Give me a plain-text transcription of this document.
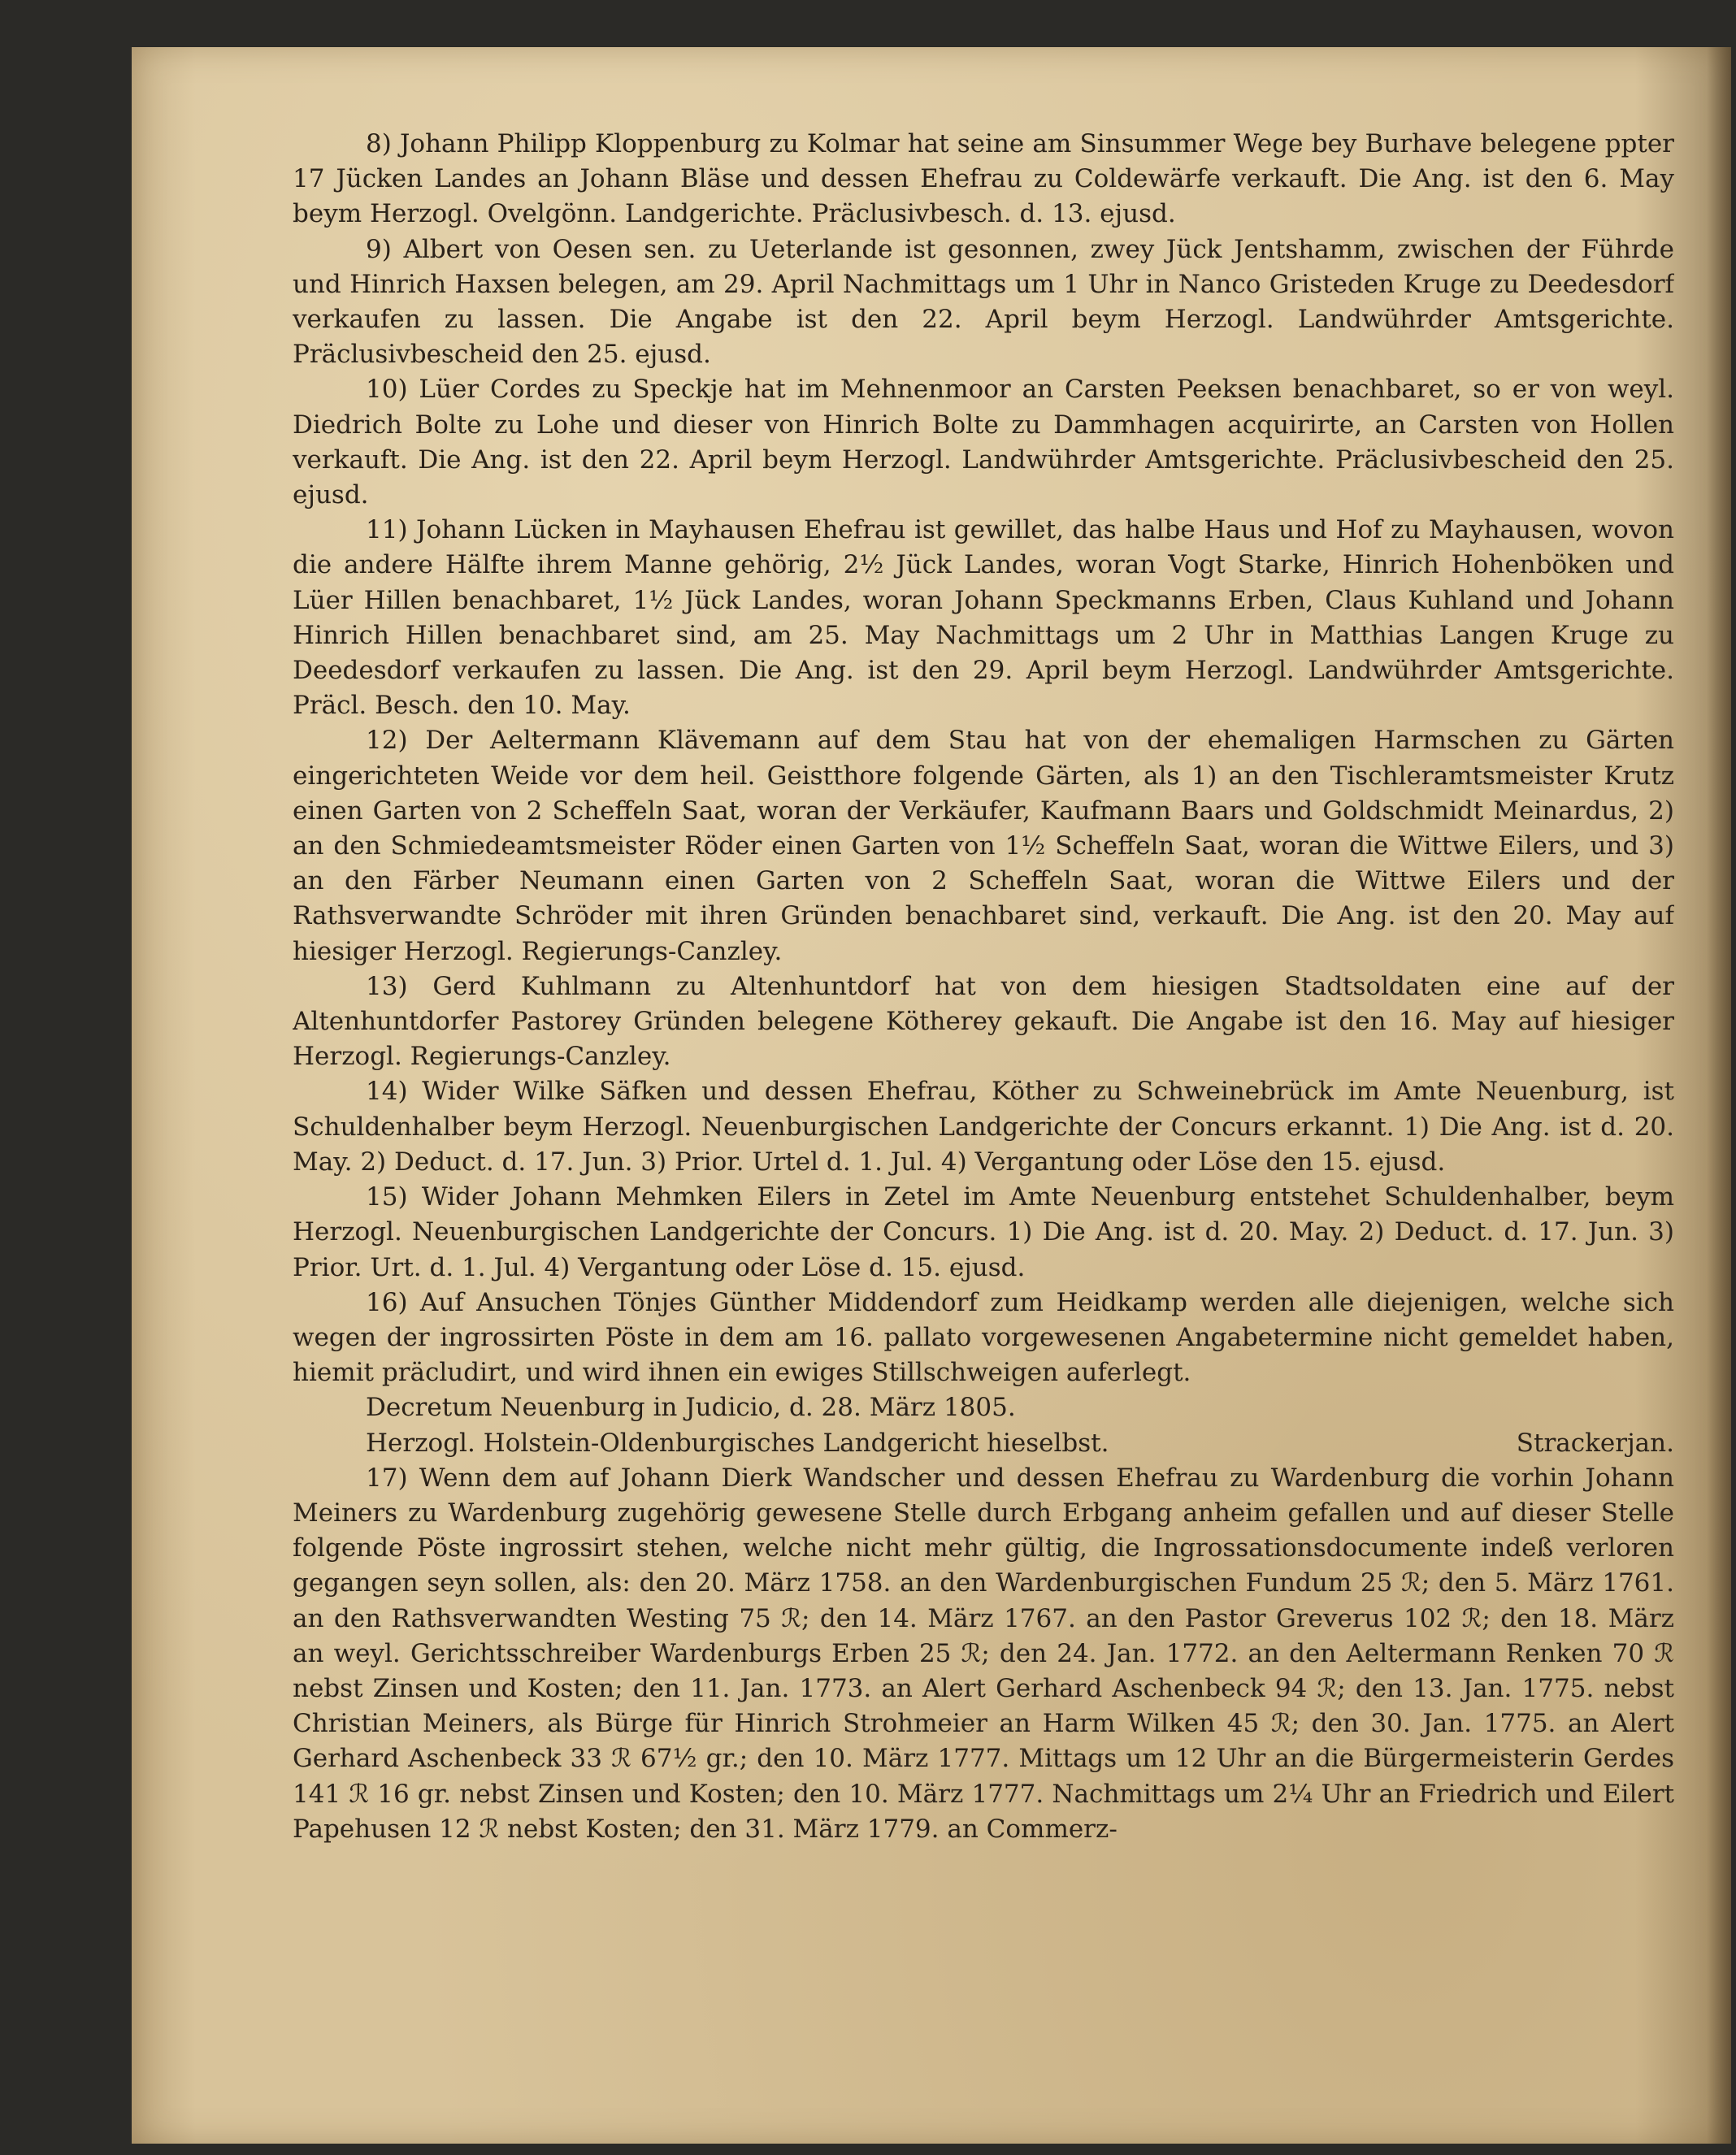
8) Johann Philipp Kloppenburg zu Kolmar hat seine am Sinsummer Wege bey Burhave belegene ppter 17 Jücken Landes an Johann Bläse und dessen Ehefrau zu Coldewärfe verkauft. Die Ang. ist den 6. May beym Herzogl. Ovelgönn. Landgerichte. Präclusivbesch. d. 13. ejusd.

9) Albert von Oesen sen. zu Ueterlande ist gesonnen, zwey Jück Jentshamm, zwischen der Führde und Hinrich Haxsen belegen, am 29. April Nachmittags um 1 Uhr in Nanco Gristeden Kruge zu Deedesdorf verkaufen zu lassen. Die Angabe ist den 22. April beym Herzogl. Landwührder Amtsgerichte. Präclusivbescheid den 25. ejusd.

10) Lüer Cordes zu Speckje hat im Mehnenmoor an Carsten Peeksen benachbaret, so er von weyl. Diedrich Bolte zu Lohe und dieser von Hinrich Bolte zu Dammhagen acquirirte, an Carsten von Hollen verkauft. Die Ang. ist den 22. April beym Herzogl. Landwührder Amtsgerichte. Präclusivbescheid den 25. ejusd.

11) Johann Lücken in Mayhausen Ehefrau ist gewillet, das halbe Haus und Hof zu Mayhausen, wovon die andere Hälfte ihrem Manne gehörig, 2½ Jück Landes, woran Vogt Starke, Hinrich Hohenböken und Lüer Hillen benachbaret, 1½ Jück Landes, woran Johann Speckmanns Erben, Claus Kuhland und Johann Hinrich Hillen benachbaret sind, am 25. May Nachmittags um 2 Uhr in Matthias Langen Kruge zu Deedesdorf verkaufen zu lassen. Die Ang. ist den 29. April beym Herzogl. Landwührder Amtsgerichte. Präcl. Besch. den 10. May.

12) Der Aeltermann Klävemann auf dem Stau hat von der ehemaligen Harmschen zu Gärten eingerichteten Weide vor dem heil. Geistthore folgende Gärten, als 1) an den Tischleramtsmeister Krutz einen Garten von 2 Scheffeln Saat, woran der Verkäufer, Kaufmann Baars und Goldschmidt Meinardus, 2) an den Schmiedeamtsmeister Röder einen Garten von 1½ Scheffeln Saat, woran die Wittwe Eilers, und 3) an den Färber Neumann einen Garten von 2 Scheffeln Saat, woran die Wittwe Eilers und der Rathsverwandte Schröder mit ihren Gründen benachbaret sind, verkauft. Die Ang. ist den 20. May auf hiesiger Herzogl. Regierungs-Canzley.

13) Gerd Kuhlmann zu Altenhuntdorf hat von dem hiesigen Stadtsoldaten eine auf der Altenhuntdorfer Pastorey Gründen belegene Kötherey gekauft. Die Angabe ist den 16. May auf hiesiger Herzogl. Regierungs-Canzley.

14) Wider Wilke Säfken und dessen Ehefrau, Köther zu Schweinebrück im Amte Neuenburg, ist Schuldenhalber beym Herzogl. Neuenburgischen Landgerichte der Concurs erkannt. 1) Die Ang. ist d. 20. May. 2) Deduct. d. 17. Jun. 3) Prior. Urtel d. 1. Jul. 4) Vergantung oder Löse den 15. ejusd.

15) Wider Johann Mehmken Eilers in Zetel im Amte Neuenburg entstehet Schuldenhalber, beym Herzogl. Neuenburgischen Landgerichte der Concurs. 1) Die Ang. ist d. 20. May. 2) Deduct. d. 17. Jun. 3) Prior. Urt. d. 1. Jul. 4) Vergantung oder Löse d. 15. ejusd.

16) Auf Ansuchen Tönjes Günther Middendorf zum Heidkamp werden alle diejenigen, welche sich wegen der ingrossirten Pöste in dem am 16. pallato vorgewesenen Angabetermine nicht gemeldet haben, hiemit präcludirt, und wird ihnen ein ewiges Stillschweigen auferlegt.

Decretum Neuenburg in Judicio, d. 28. März 1805.

Herzogl. Holstein-Oldenburgisches Landgericht hieselbst.	Strackerjan.

17) Wenn dem auf Johann Dierk Wandscher und dessen Ehefrau zu Wardenburg die vorhin Johann Meiners zu Wardenburg zugehörig gewesene Stelle durch Erbgang anheim gefallen und auf dieser Stelle folgende Pöste ingrossirt stehen, welche nicht mehr gültig, die Ingrossationsdocumente indeß verloren gegangen seyn sollen, als: den 20. März 1758. an den Wardenburgischen Fundum 25 ℛ; den 5. März 1761. an den Rathsverwandten Westing 75 ℛ; den 14. März 1767. an den Pastor Greverus 102 ℛ; den 18. März an weyl. Gerichtsschreiber Wardenburgs Erben 25 ℛ; den 24. Jan. 1772. an den Aeltermann Renken 70 ℛ nebst Zinsen und Kosten; den 11. Jan. 1773. an Alert Gerhard Aschenbeck 94 ℛ; den 13. Jan. 1775. nebst Christian Meiners, als Bürge für Hinrich Strohmeier an Harm Wilken 45 ℛ; den 30. Jan. 1775. an Alert Gerhard Aschenbeck 33 ℛ 67½ gr.; den 10. März 1777. Mittags um 12 Uhr an die Bürgermeisterin Gerdes 141 ℛ 16 gr. nebst Zinsen und Kosten; den 10. März 1777. Nachmittags um 2¼ Uhr an Friedrich und Eilert Papehusen 12 ℛ nebst Kosten; den 31. März 1779. an Commerz-
